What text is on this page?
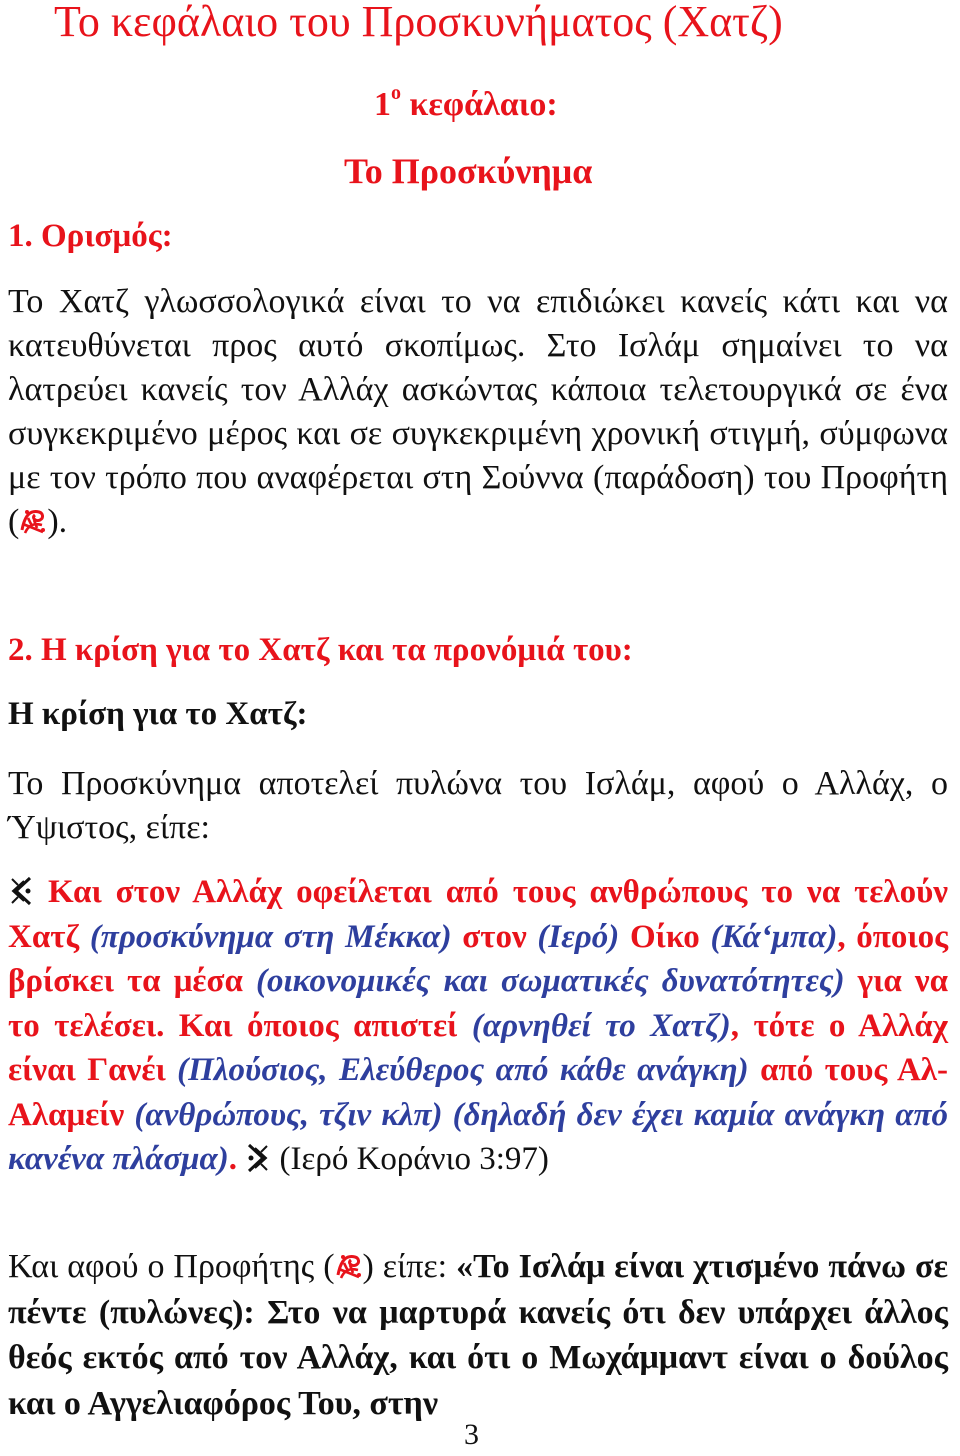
Το κεφάλαιο του Προσκυνήματος (Χατζ)
$1^o$ κεφάλαιο:
Το Προσκύνημα
1. Ορισμός:

Το Χατζ γλωσσολογικά είναι το να επιδιώκει κανείς κάτι και να κατευθύνεται προς αυτό σκοπίμως. Στο Ισλάμ σημαίνει το να λατρεύει κανείς τον Αλλάχ ασκώντας κάποια τελετουργικά σε ένα συγκεκριμένο μέρος και σε συγκεκριμένη χρονική στιγμή, σύμφωνα με τον τρόπο που αναφέρεται στη Σούννα (παράδοση) του Προφήτη ( ).

2. Η κρίση για το Χατζ και τα προνόμιά του:
Η κρίση για το Χατζ:

Το Προσκύνημα αποτελεί πυλώνα του Ισλάμ, αφού ο Αλλάχ, ο Ύψιστος, είπε:

Και στον Αλλάχ οφείλεται από τους ανθρώπους το να τελούν Χατζ (προσκύνημα στη Μέκκα) στον (Ιερό) Οίκο (Κά‘μπα), όποιος βρίσκει τα μέσα (οικονομικές και σωματικές δυνατότητες) για να το τελέσει. Και όποιος απιστεί (αρνηθεί το Χατζ), τότε ο Αλλάχ είναι Γανέι (Πλούσιος, Ελεύθερος από κάθε ανάγκη) από τους Αλ-Αλαμείν (ανθρώπους, τζιν κλπ) (δηλαδή δεν έχει καμία ανάγκη από κανένα πλάσμα).  (Ιερό Κοράνιο 3:97)

Και αφού ο Προφήτης ( ) είπε: «Το Ισλάμ είναι χτισμένο πάνω σε πέντε (πυλώνες): Στο να μαρτυρά κανείς ότι δεν υπάρχει άλλος θεός εκτός από τον Αλλάχ, και ότι ο Μωχάμμαντ είναι ο δούλος και ο Αγγελιαφόρος Του, στην

3
